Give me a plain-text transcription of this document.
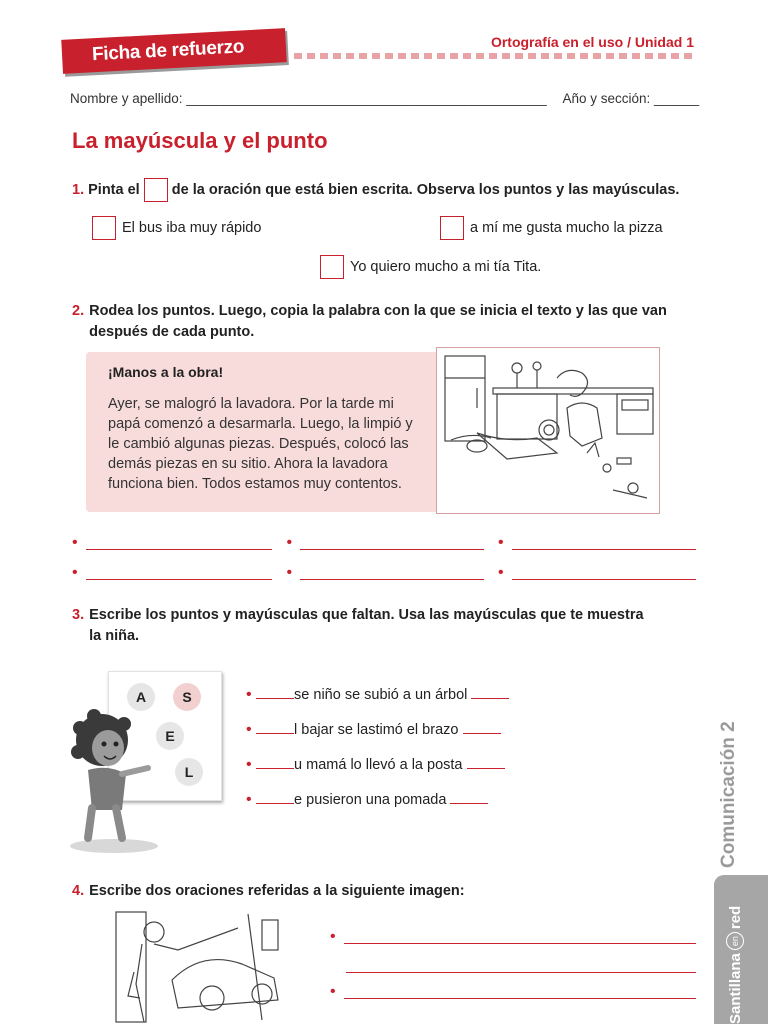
Ficha de refuerzo	Ortografía en el uso / Unidad 1
Nombre y apellido: ________________________________________________ Año y sección: ______
La mayúscula y el punto
1. Pinta el de la oración que está bien escrita. Observa los puntos y las mayúsculas.
El bus iba muy rápido	a mí me gusta mucho la pizza
Yo quiero mucho a mi tía Tita.
2. Rodea los puntos. Luego, copia la palabra con la que se inicia el texto y las que van después de cada punto.
¡Manos a la obra!
Ayer, se malogró la lavadora. Por la tarde mi papá comenzó a desarmarla. Luego, la limpió y le cambió algunas piezas. Después, colocó las demás piezas en su sitio. Ahora la lavadora funciona bien. Todos estamos muy contentos.
•	•	•
•	•	•
3. Escribe los puntos y mayúsculas que faltan. Usa las mayúsculas que te muestra la niña.
A	S
E
L
•	se niño se subió a un árbol
•	l bajar se lastimó el brazo
•	u mamá lo llevó a la posta
•	e pusieron una pomada
4. Escribe dos oraciones referidas a la siguiente imagen:
•
•
Comunicación 2
Santillana
en
red
